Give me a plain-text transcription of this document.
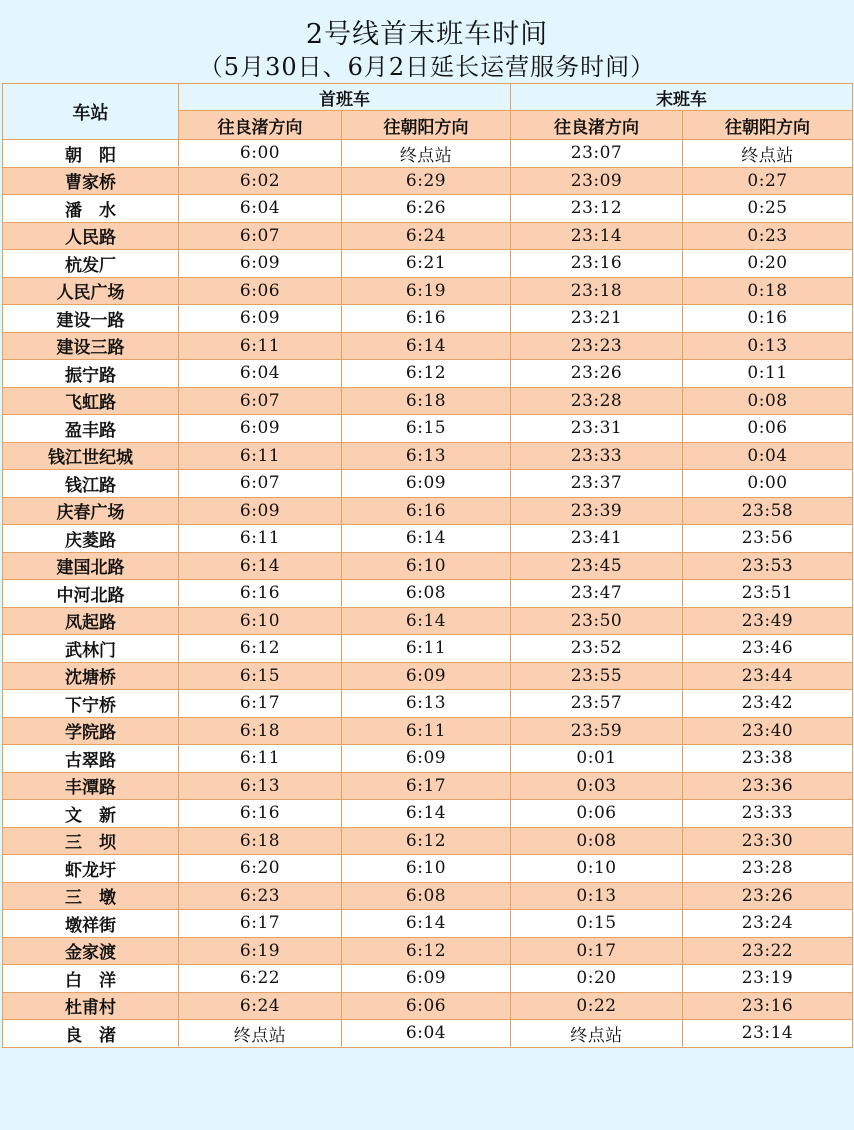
2号线首末班车时间
（5月30日、6月2日延长运营服务时间）
车站	首班车		末班车	
	往良渚方向	往朝阳方向	往良渚方向	往朝阳方向
朝　阳	6:00	终点站	23:07	终点站
曹家桥	6:02	6:29	23:09	0:27
潘　水	6:04	6:26	23:12	0:25
人民路	6:07	6:24	23:14	0:23
杭发厂	6:09	6:21	23:16	0:20
人民广场	6:06	6:19	23:18	0:18
建设一路	6:09	6:16	23:21	0:16
建设三路	6:11	6:14	23:23	0:13
振宁路	6:04	6:12	23:26	0:11
飞虹路	6:07	6:18	23:28	0:08
盈丰路	6:09	6:15	23:31	0:06
钱江世纪城	6:11	6:13	23:33	0:04
钱江路	6:07	6:09	23:37	0:00
庆春广场	6:09	6:16	23:39	23:58
庆菱路	6:11	6:14	23:41	23:56
建国北路	6:14	6:10	23:45	23:53
中河北路	6:16	6:08	23:47	23:51
凤起路	6:10	6:14	23:50	23:49
武林门	6:12	6:11	23:52	23:46
沈塘桥	6:15	6:09	23:55	23:44
下宁桥	6:17	6:13	23:57	23:42
学院路	6:18	6:11	23:59	23:40
古翠路	6:11	6:09	0:01	23:38
丰潭路	6:13	6:17	0:03	23:36
文　新	6:16	6:14	0:06	23:33
三　坝	6:18	6:12	0:08	23:30
虾龙圩	6:20	6:10	0:10	23:28
三　墩	6:23	6:08	0:13	23:26
墩祥街	6:17	6:14	0:15	23:24
金家渡	6:19	6:12	0:17	23:22
白　洋	6:22	6:09	0:20	23:19
杜甫村	6:24	6:06	0:22	23:16
良　渚	终点站	6:04	终点站	23:14
